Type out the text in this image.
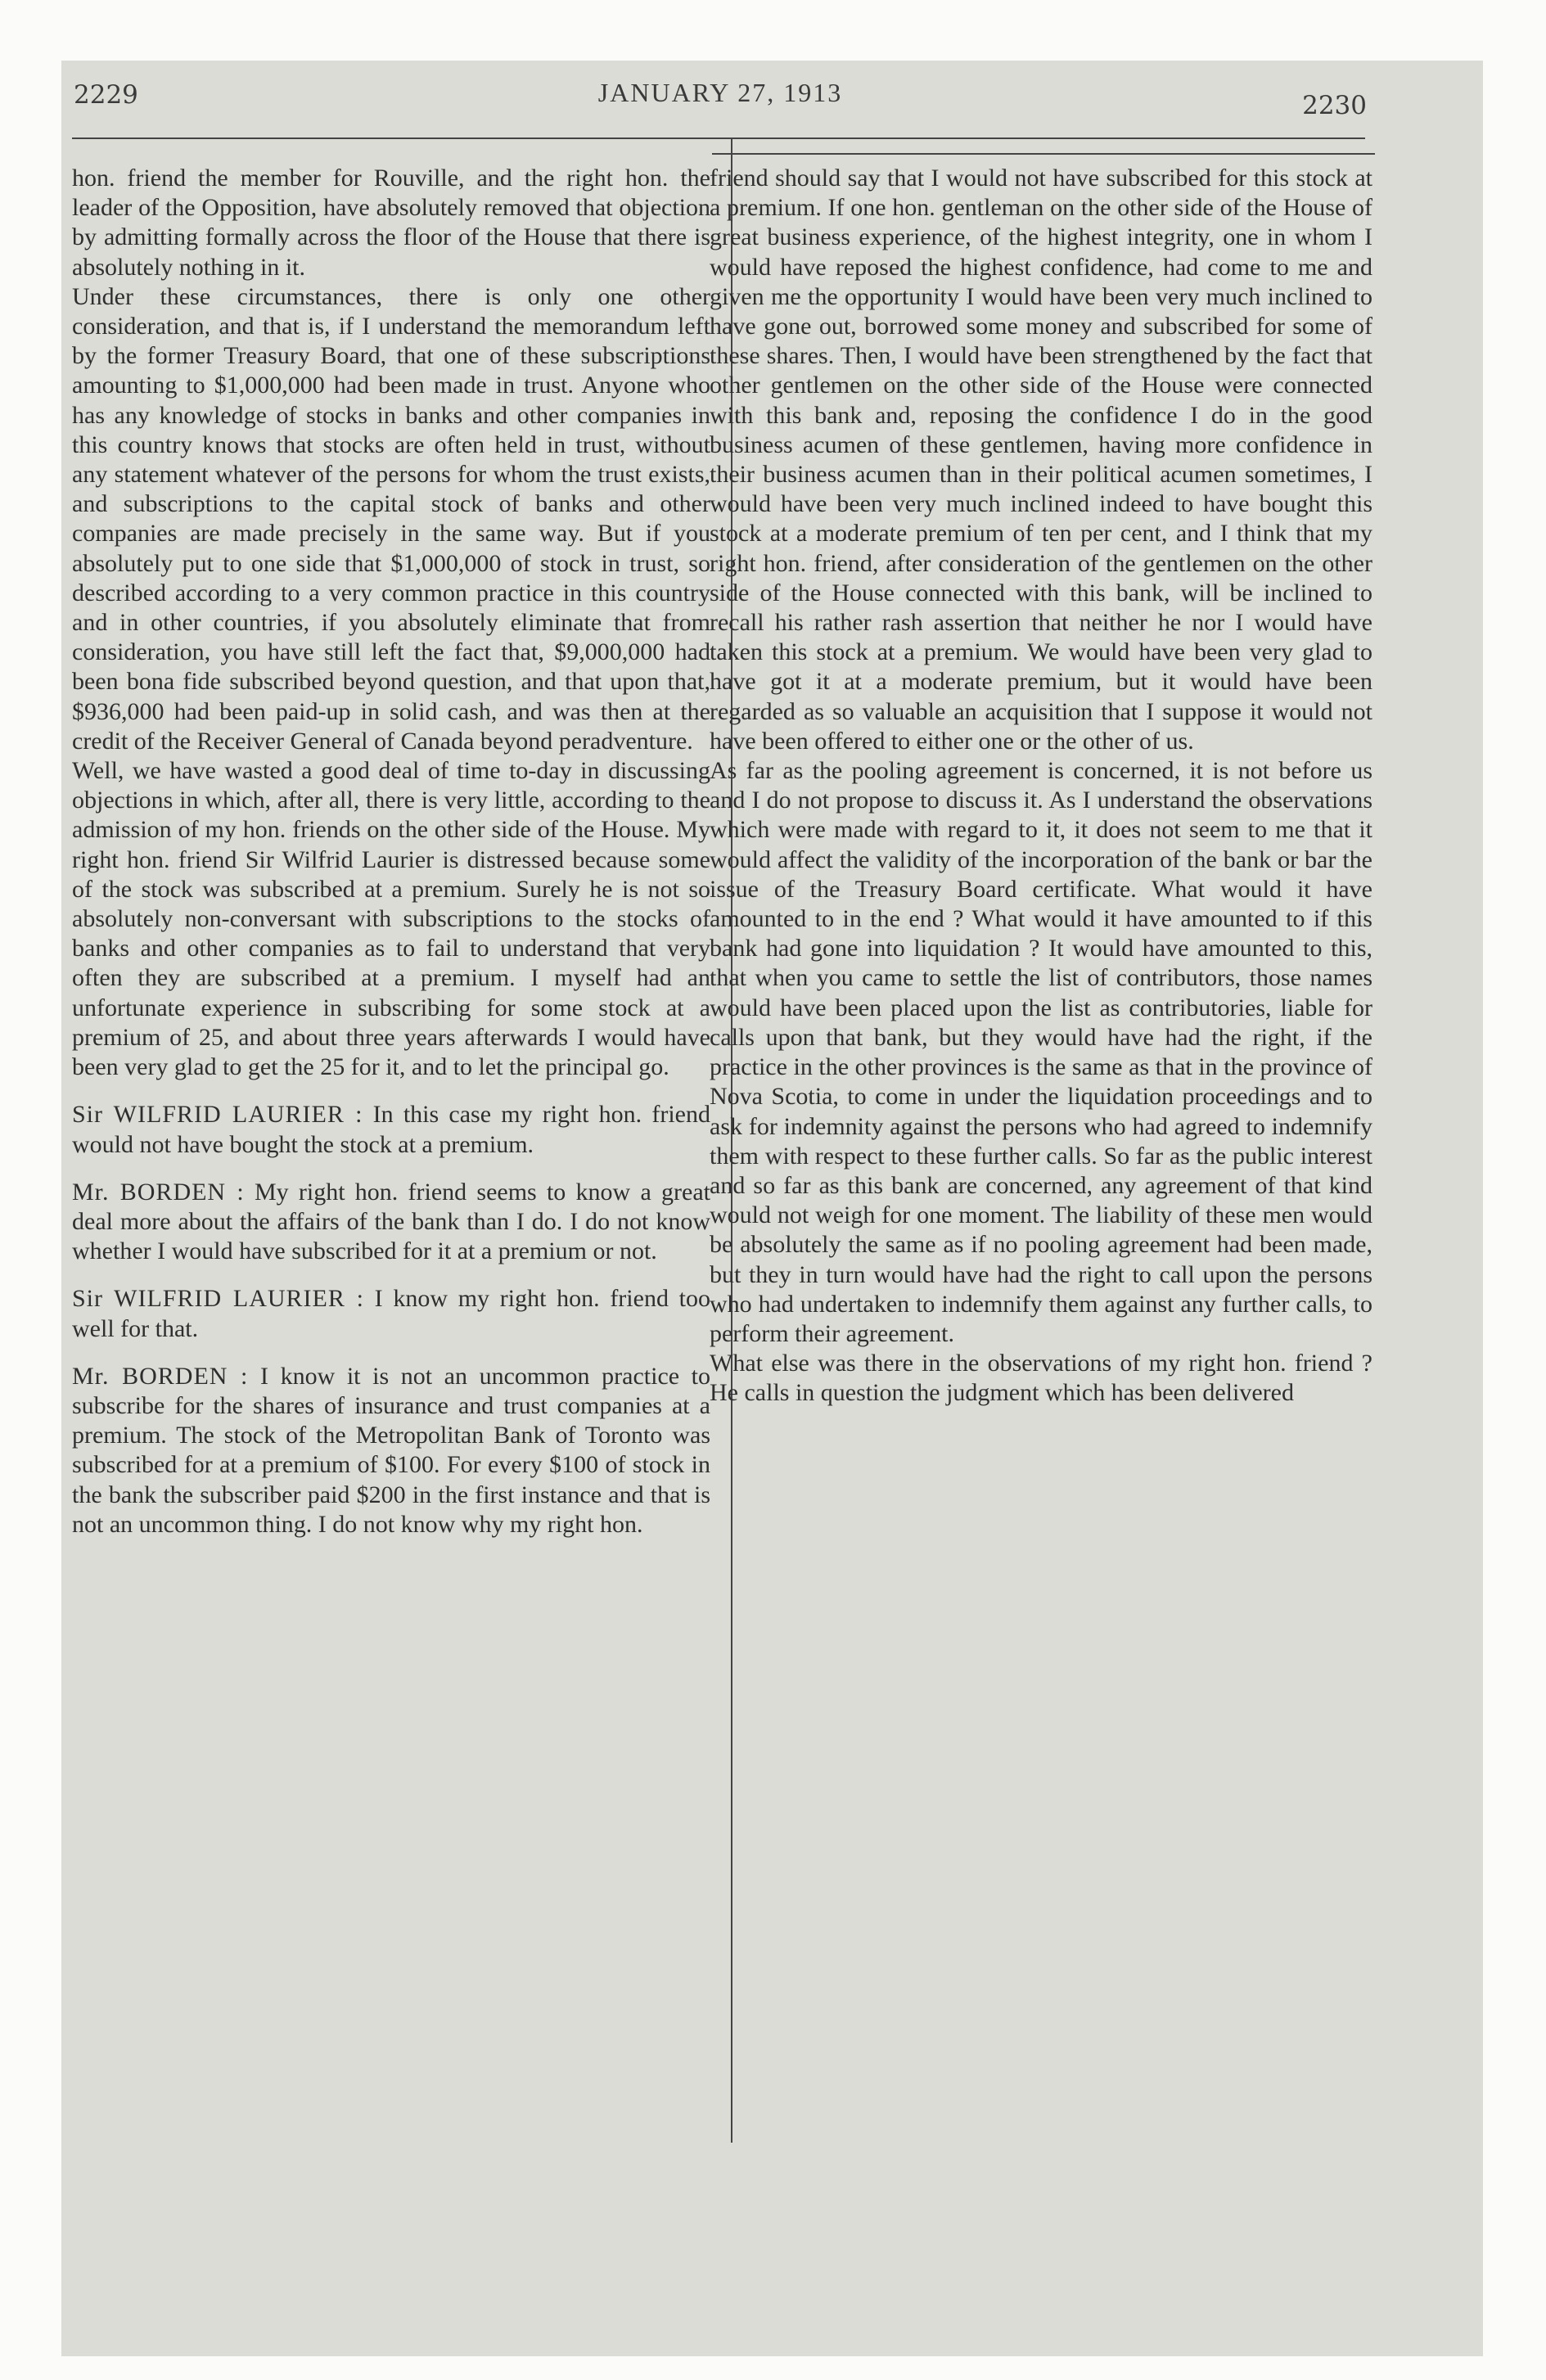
2229	JANUARY 27, 1913	2230

hon. friend the member for Rouville, and the right hon. the leader of the Opposition, have absolutely removed that objection by admitting formally across the floor of the House that there is absolutely nothing in it.

Under these circumstances, there is only one other consideration, and that is, if I understand the memorandum left by the former Treasury Board, that one of these subscriptions amounting to $1,000,000 had been made in trust. Anyone who has any knowledge of stocks in banks and other companies in this country knows that stocks are often held in trust, without any statement whatever of the persons for whom the trust exists, and subscriptions to the capital stock of banks and other companies are made precisely in the same way. But if you absolutely put to one side that $1,000,000 of stock in trust, so described according to a very common practice in this country and in other countries, if you absolutely eliminate that from consideration, you have still left the fact that, $9,000,000 had been bona fide subscribed beyond question, and that upon that, $936,000 had been paid-up in solid cash, and was then at the credit of the Receiver General of Canada beyond peradventure.

Well, we have wasted a good deal of time to-day in discussing objections in which, after all, there is very little, according to the admission of my hon. friends on the other side of the House. My right hon. friend Sir Wilfrid Laurier is distressed because some of the stock was subscribed at a premium. Surely he is not so absolutely non-conversant with subscriptions to the stocks of banks and other companies as to fail to understand that very often they are subscribed at a premium. I myself had an unfortunate experience in subscribing for some stock at a premium of 25, and about three years afterwards I would have been very glad to get the 25 for it, and to let the principal go.

Sir WILFRID LAURIER : In this case my right hon. friend would not have bought the stock at a premium.

Mr. BORDEN : My right hon. friend seems to know a great deal more about the affairs of the bank than I do. I do not know whether I would have subscribed for it at a premium or not.

Sir WILFRID LAURIER : I know my right hon. friend too well for that.

Mr. BORDEN : I know it is not an uncommon practice to subscribe for the shares of insurance and trust companies at a premium. The stock of the Metropolitan Bank of Toronto was subscribed for at a premium of $100. For every $100 of stock in the bank the subscriber paid $200 in the first instance and that is not an uncommon thing. I do not know why my right hon.

friend should say that I would not have subscribed for this stock at a premium. If one hon. gentleman on the other side of the House of great business experience, of the highest integrity, one in whom I would have reposed the highest confidence, had come to me and given me the opportunity I would have been very much inclined to have gone out, borrowed some money and subscribed for some of these shares. Then, I would have been strengthened by the fact that other gentlemen on the other side of the House were connected with this bank and, reposing the confidence I do in the good business acumen of these gentlemen, having more confidence in their business acumen than in their political acumen sometimes, I would have been very much inclined indeed to have bought this stock at a moderate premium of ten per cent, and I think that my right hon. friend, after consideration of the gentlemen on the other side of the House connected with this bank, will be inclined to recall his rather rash assertion that neither he nor I would have taken this stock at a premium. We would have been very glad to have got it at a moderate premium, but it would have been regarded as so valuable an acquisition that I suppose it would not have been offered to either one or the other of us.

As far as the pooling agreement is concerned, it is not before us and I do not propose to discuss it. As I understand the observations which were made with regard to it, it does not seem to me that it would affect the validity of the incorporation of the bank or bar the issue of the Treasury Board certificate. What would it have amounted to in the end ? What would it have amounted to if this bank had gone into liquidation ? It would have amounted to this, that when you came to settle the list of contributors, those names would have been placed upon the list as contributories, liable for calls upon that bank, but they would have had the right, if the practice in the other provinces is the same as that in the province of Nova Scotia, to come in under the liquidation proceedings and to ask for indemnity against the persons who had agreed to indemnify them with respect to these further calls. So far as the public interest and so far as this bank are concerned, any agreement of that kind would not weigh for one moment. The liability of these men would be absolutely the same as if no pooling agreement had been made, but they in turn would have had the right to call upon the persons who had undertaken to indemnify them against any further calls, to perform their agreement.

What else was there in the observations of my right hon. friend ? He calls in question the judgment which has been delivered
